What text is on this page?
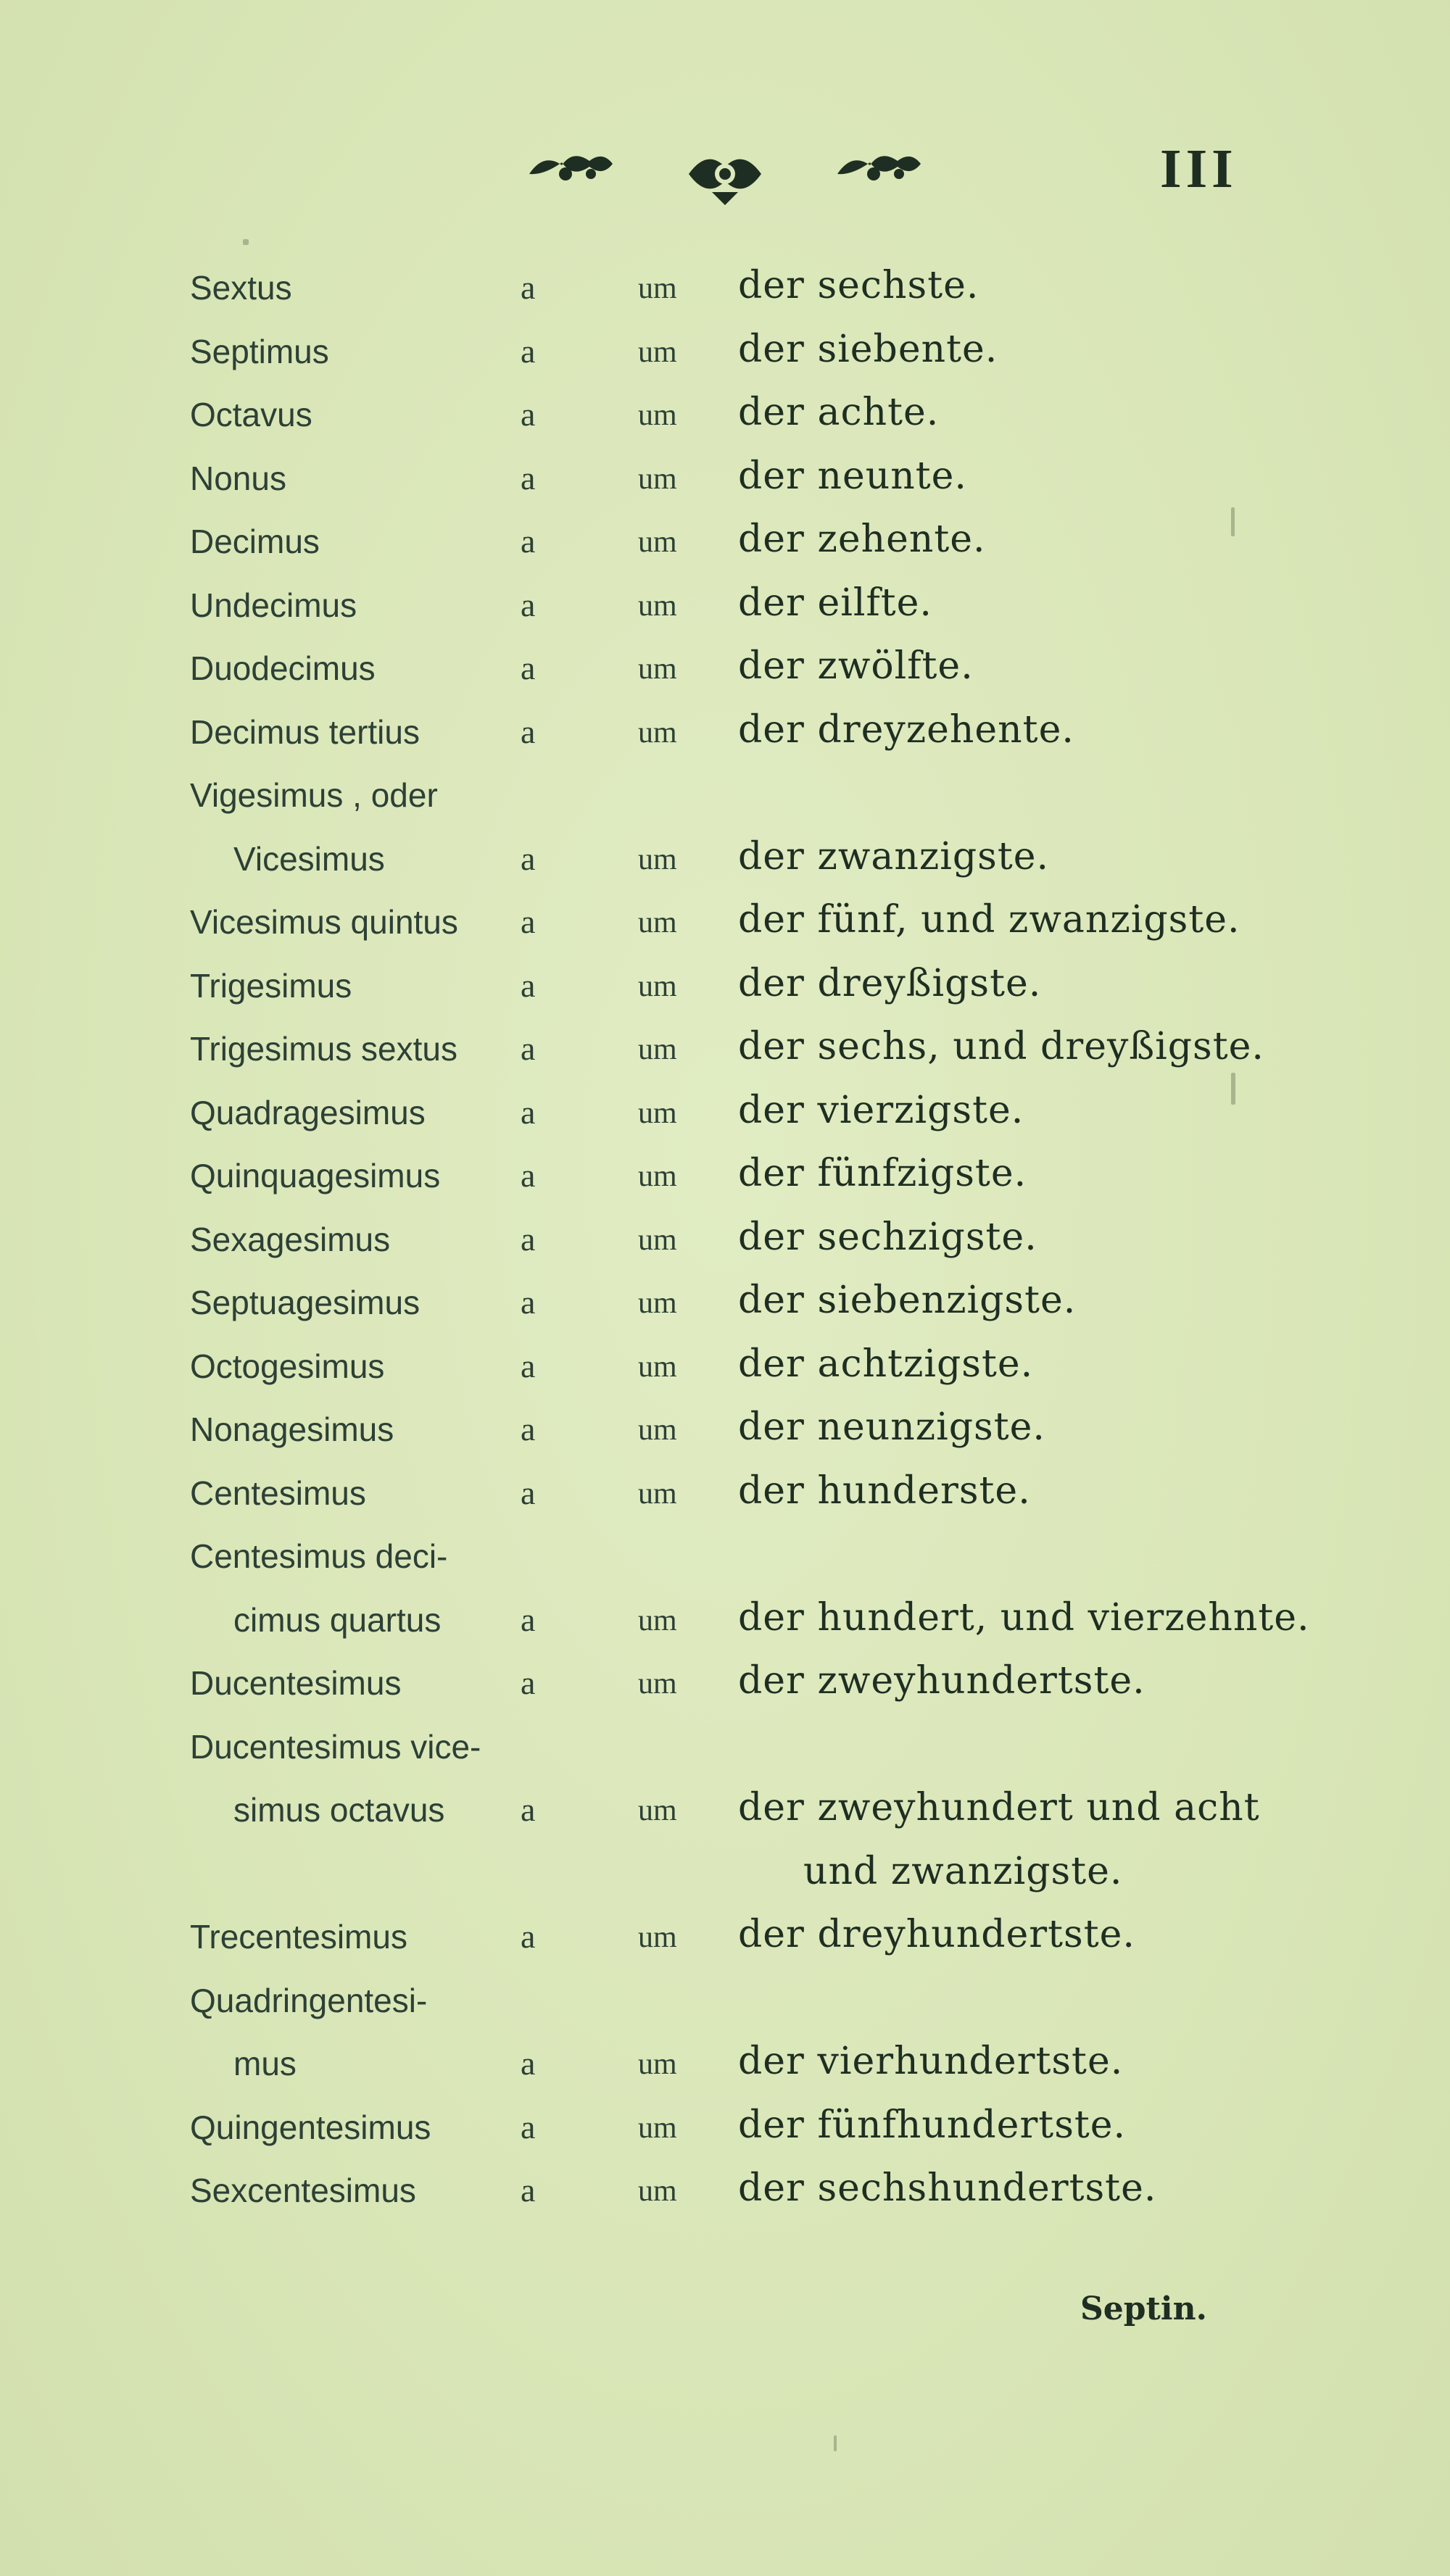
III
Sextus	a	um der sechste.
Septimus	a	um der siebente.
Octavus	a	um der achte.
Nonus	a	um der neunte.
Decimus	a	um der zehente.
Undecimus	a	um der eilfte.
Duodecimus	a	um der zwölfte.
Decimus tertius	a	um der dreyzehente.
Vigesimus , oder
Vicesimus	a	um der zwanzigste.
Vicesimus quintus a	um der fünf, und zwanzigste.
Trigesimus	a	um der dreyßigste.
Trigesimus sextus a	um der sechs, und dreyßigste.
Quadragesimus	a	um der vierzigste.
Quinquagesimus a	um der fünfzigste.
Sexagesimus	a	um der sechzigste.
Septuagesimus	a	um der siebenzigste.
Octogesimus	a	um der achtzigste.
Nonagesimus	a	um der neunzigste.
Centesimus	a	um der hunderste.
Centesimus deci-
cimus quartus a	um der hundert, und vierzehnte.
Ducentesimus	a	um der zweyhundertste.
Ducentesimus vice-
simus octavus a	um der zweyhundert und acht
und zwanzigste.
Trecentesimus	a	um der dreyhundertste.
Quadringentesi-
mus	a	um der vierhundertste.
Quingentesimus	a	um der fünfhundertste.
Sexcentesimus	a	um der sechshundertste.
Septin.
